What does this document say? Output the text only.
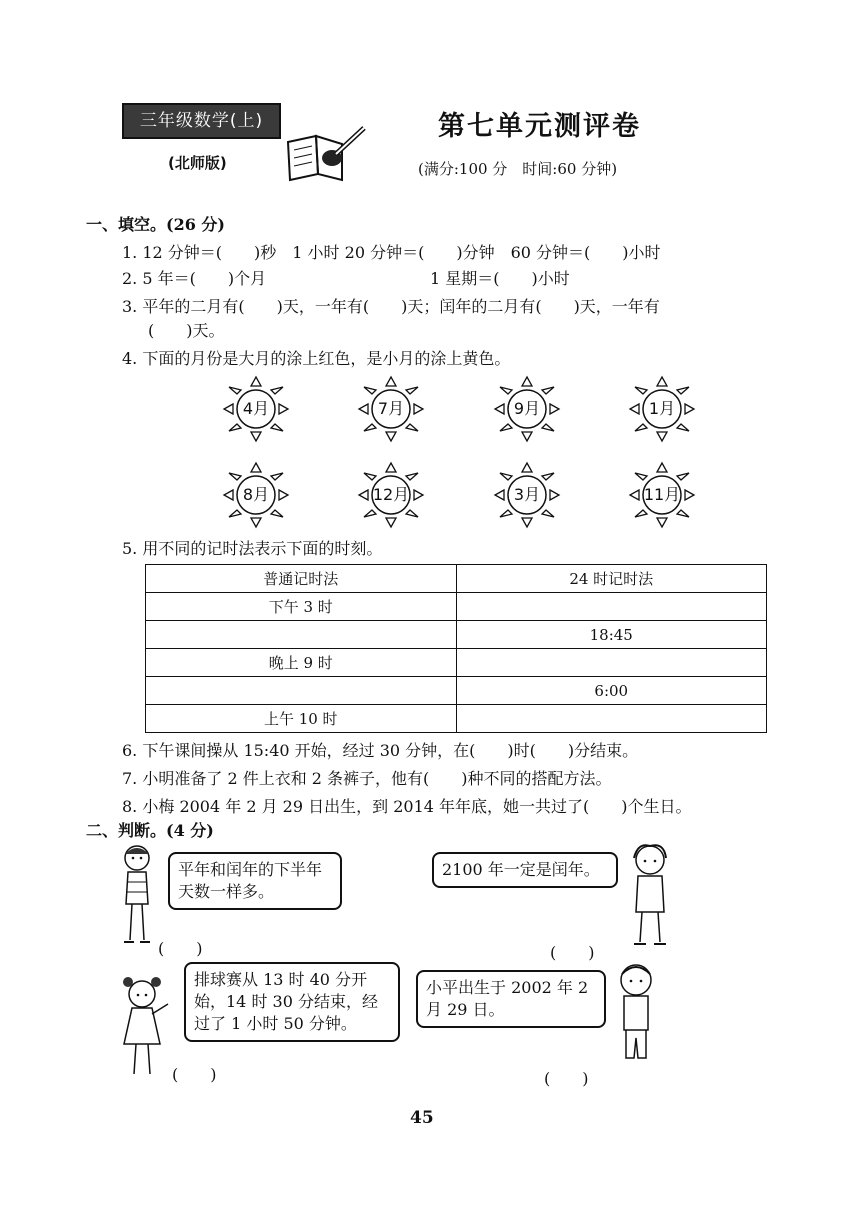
三年级数学(上)
(北师版)
第七单元测评卷
(满分:100 分　时间:60 分钟)
一、填空。(26 分)
1. 12 分钟＝(　　)秒　1 小时 20 分钟＝(　　)分钟　60 分钟＝(　　)小时
2. 5 年＝(　　)个月	1 星期＝(　　)小时
3. 平年的二月有(　　)天，一年有(　　)天；闰年的二月有(　　)天，一年有
(　　)天。
4. 下面的月份是大月的涂上红色，是小月的涂上黄色。
4月	7月	9月	1月
8月	12月	3月	11月
5. 用不同的记时法表示下面的时刻。
普通记时法	24 时记时法
下午 3 时	
	18:45
晚上 9 时	
	6:00
上午 10 时	
6. 下午课间操从 15:40 开始，经过 30 分钟，在(　　)时(　　)分结束。
7. 小明准备了 2 件上衣和 2 条裤子，他有(　　)种不同的搭配方法。
8. 小梅 2004 年 2 月 29 日出生，到 2014 年年底，她一共过了(　　)个生日。
二、判断。(4 分)
平年和闰年的下半年天数一样多。
(　　)
2100 年一定是闰年。
(　　)
排球赛从 13 时 40 分开始，14 时 30 分结束，经过了 1 小时 50 分钟。
(　　)
小平出生于 2002 年 2 月 29 日。
(　　)
45
